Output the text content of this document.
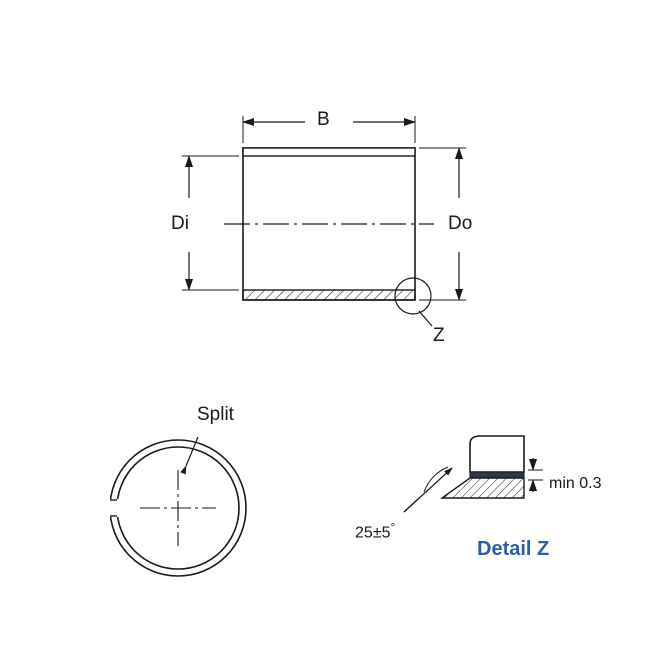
B
Di	Do
Z
Split
25±5°
min 0.3
Detail Z
